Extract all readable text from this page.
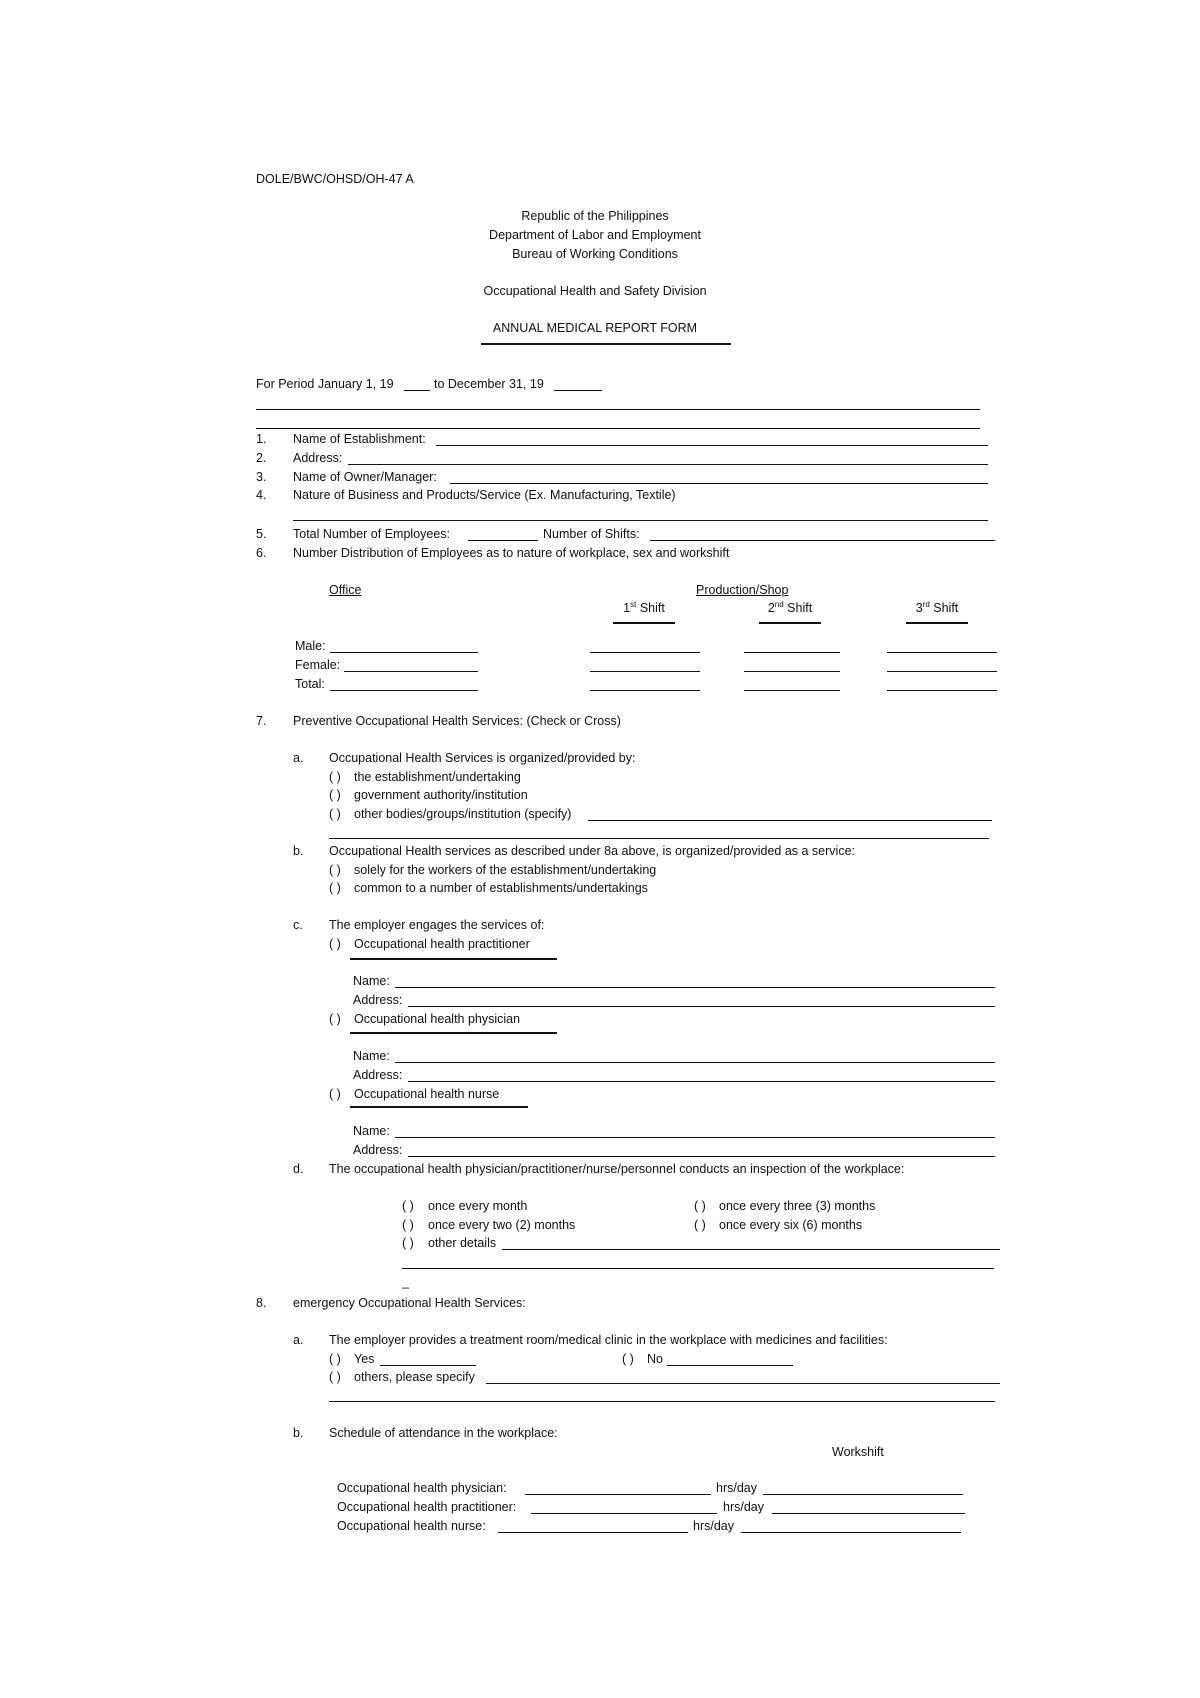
DOLE/BWC/OHSD/OH-47 A
Republic of the Philippines
Department of Labor and Employment
Bureau of Working Conditions
Occupational Health and Safety Division
ANNUAL MEDICAL REPORT FORM
For Period January 1, 19	to December 31, 19
1. Name of Establishment:
2. Address:
3. Name of Owner/Manager:
4. Nature of Business and Products/Service (Ex. Manufacturing, Textile)
5. Total Number of Employees:	Number of Shifts:
6. Number Distribution of Employees as to nature of workplace, sex and workshift
Office	Production/Shop
1st Shift	2nd Shift	3rd Shift
Male:
Female:
Total:
7. Preventive Occupational Health Services: (Check or Cross)
a. Occupational Health Services is organized/provided by:
( ) the establishment/undertaking
( ) government authority/institution
( ) other bodies/groups/institution (specify)
b. Occupational Health services as described under 8a above, is organized/provided as a service:
( ) solely for the workers of the establishment/undertaking
( ) common to a number of establishments/undertakings
c. The employer engages the services of:
( ) Occupational health practitioner
Name:
Address:
( ) Occupational health physician
Name:
Address:
( ) Occupational health nurse
Name:
Address:
d. The occupational health physician/practitioner/nurse/personnel conducts an inspection of the workplace:
( ) once every month	( ) once every three (3) months
( ) once every two (2) months	( ) once every six (6) months
( ) other details
_
8. emergency Occupational Health Services:
a. The employer provides a treatment room/medical clinic in the workplace with medicines and facilities:
( ) Yes	( ) No
( ) others, please specify
b. Schedule of attendance in the workplace:
Workshift
Occupational health physician:	hrs/day
Occupational health practitioner:	hrs/day
Occupational health nurse:	hrs/day
